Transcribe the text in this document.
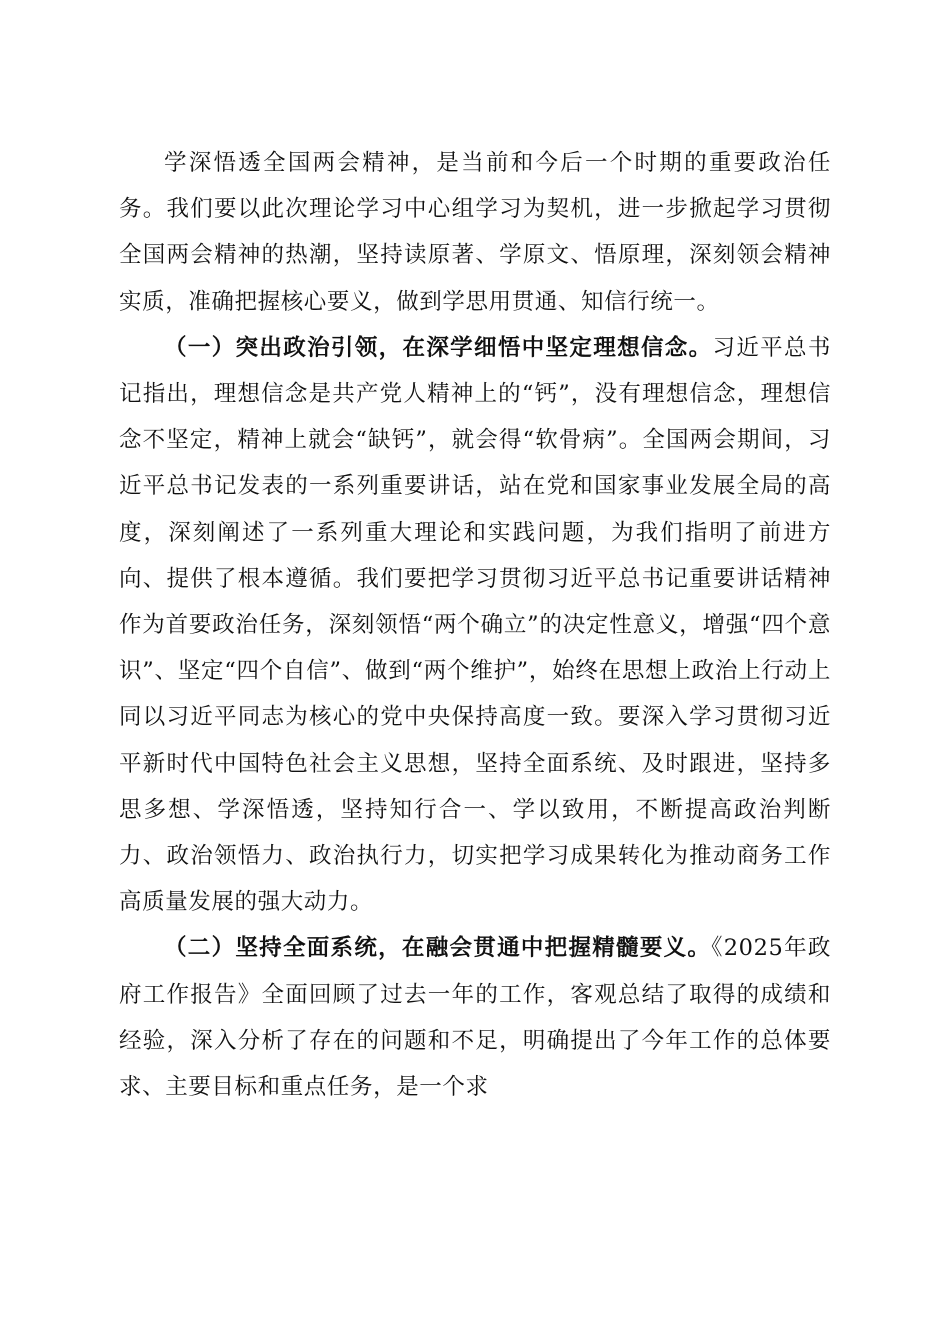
学深悟透全国两会精神，是当前和今后一个时期的重要政治任务。我们要以此次理论学习中心组学习为契机，进一步掀起学习贯彻全国两会精神的热潮，坚持读原著、学原文、悟原理，深刻领会精神实质，准确把握核心要义，做到学思用贯通、知信行统一。

（一）突出政治引领，在深学细悟中坚定理想信念。习近平总书记指出，理想信念是共产党人精神上的“钙”，没有理想信念，理想信念不坚定，精神上就会“缺钙”，就会得“软骨病”。全国两会期间，习近平总书记发表的一系列重要讲话，站在党和国家事业发展全局的高度，深刻阐述了一系列重大理论和实践问题，为我们指明了前进方向、提供了根本遵循。我们要把学习贯彻习近平总书记重要讲话精神作为首要政治任务，深刻领悟“两个确立”的决定性意义，增强“四个意识”、坚定“四个自信”、做到“两个维护”，始终在思想上政治上行动上同以习近平同志为核心的党中央保持高度一致。要深入学习贯彻习近平新时代中国特色社会主义思想，坚持全面系统、及时跟进，坚持多思多想、学深悟透，坚持知行合一、学以致用，不断提高政治判断力、政治领悟力、政治执行力，切实把学习成果转化为推动商务工作高质量发展的强大动力。

（二）坚持全面系统，在融会贯通中把握精髓要义。《2025年政府工作报告》全面回顾了过去一年的工作，客观总结了取得的成绩和经验，深入分析了存在的问题和不足，明确提出了今年工作的总体要求、主要目标和重点任务，是一个求
